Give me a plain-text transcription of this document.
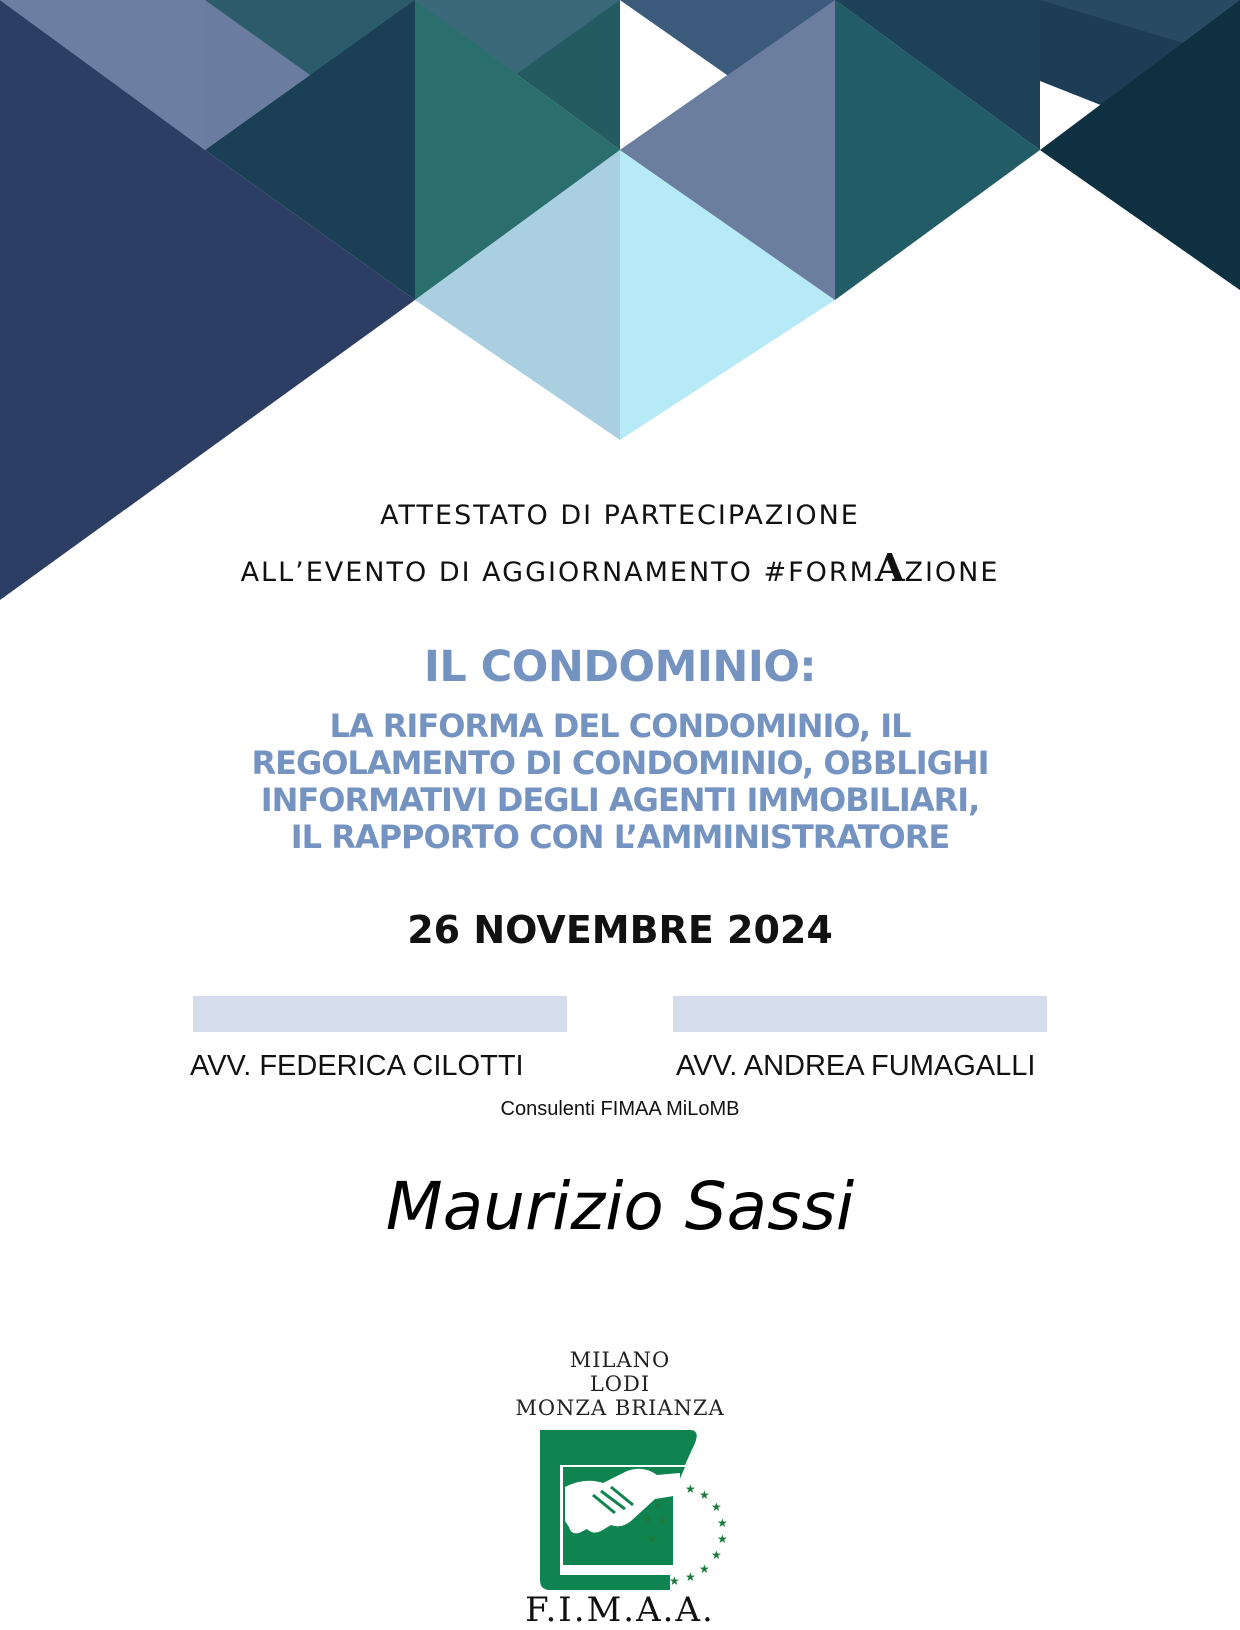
ATTESTATO DI PARTECIPAZIONE
ALL’EVENTO DI AGGIORNAMENTO #FORMAZIONE
IL CONDOMINIO:
LA RIFORMA DEL CONDOMINIO, IL
REGOLAMENTO DI CONDOMINIO, OBBLIGHI
INFORMATIVI DEGLI AGENTI IMMOBILIARI,
IL RAPPORTO CON L’AMMINISTRATORE
26 NOVEMBRE 2024
AVV. FEDERICA CILOTTI	AVV. ANDREA FUMAGALLI
Consulenti FIMAA MiLoMB
Maurizio Sassi
MILANO
LODI
MONZA BRIANZA
★ ★
★
★
★
★
★
★
★
★
★ ★
★
F.I.M.A.A.
